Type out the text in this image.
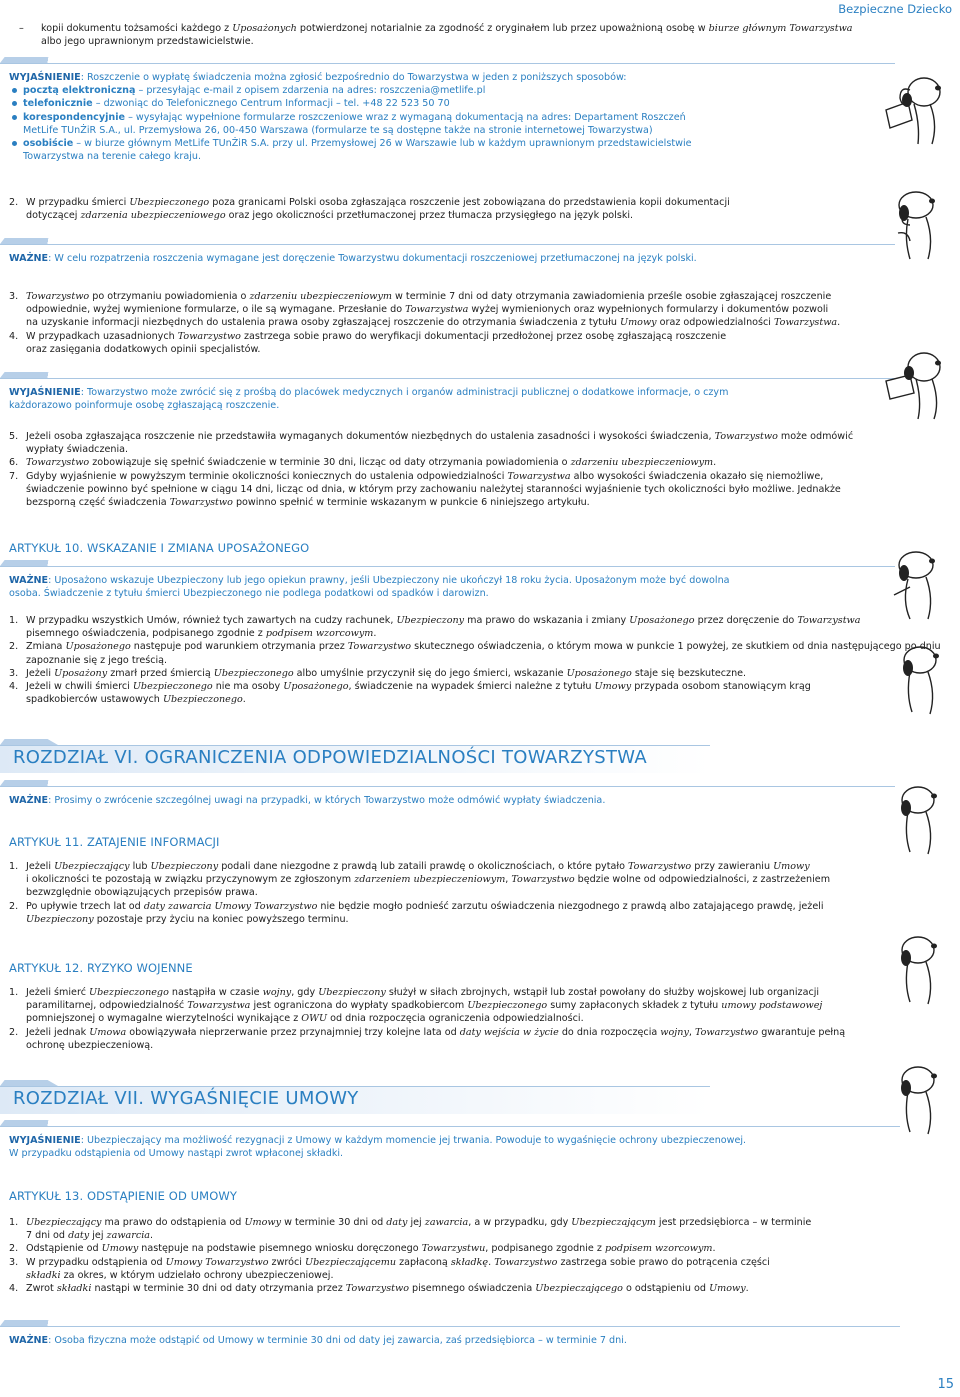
Bezpieczne Dziecko
– kopii dokumentu tożsamości każdego z Uposażonych potwierdzonej notarialnie za zgodność z oryginałem lub przez upoważnioną osobę w biurze głównym Towarzystwa
albo jego uprawnionym przedstawicielstwie.
WYJAŚNIENIE: Roszczenie o wypłatę świadczenia można zgłosić bezpośrednio do Towarzystwa w jeden z poniższych sposobów:
pocztą elektroniczną – przesyłając e-mail z opisem zdarzenia na adres: roszczenia@metlife.pl
telefonicznie – dzwoniąc do Telefonicznego Centrum Informacji – tel. +48 22 523 50 70
korespondencyjnie – wysyłając wypełnione formularze roszczeniowe wraz z wymaganą dokumentacją na adres: Departament Roszczeń
MetLife TUnŻiR S.A., ul. Przemysłowa 26, 00-450 Warszawa (formularze te są dostępne także na stronie internetowej Towarzystwa)
osobiście – w biurze głównym MetLife TUnŻiR S.A. przy ul. Przemysłowej 26 w Warszawie lub w każdym uprawnionym przedstawicielstwie
Towarzystwa na terenie całego kraju.
2. W przypadku śmierci Ubezpieczonego poza granicami Polski osoba zgłaszająca roszczenie jest zobowiązana do przedstawienia kopii dokumentacji
dotyczącej zdarzenia ubezpieczeniowego oraz jego okoliczności przetłumaczonej przez tłumacza przysięgłego na język polski.
WAŻNE: W celu rozpatrzenia roszczenia wymagane jest doręczenie Towarzystwu dokumentacji roszczeniowej przetłumaczonej na język polski.
3. Towarzystwo po otrzymaniu powiadomienia o zdarzeniu ubezpieczeniowym w terminie 7 dni od daty otrzymania zawiadomienia prześle osobie zgłaszającej roszczenie
odpowiednie, wyżej wymienione formularze, o ile są wymagane. Przesłanie do Towarzystwa wyżej wymienionych oraz wypełnionych formularzy i dokumentów pozwoli
na uzyskanie informacji niezbędnych do ustalenia prawa osoby zgłaszającej roszczenie do otrzymania świadczenia z tytułu Umowy oraz odpowiedzialności Towarzystwa.
4. W przypadkach uzasadnionych Towarzystwo zastrzega sobie prawo do weryfikacji dokumentacji przedłożonej przez osobę zgłaszającą roszczenie
oraz zasięgania dodatkowych opinii specjalistów.
WYJAŚNIENIE: Towarzystwo może zwrócić się z prośbą do placówek medycznych i organów administracji publicznej o dodatkowe informacje, o czym
każdorazowo poinformuje osobę zgłaszającą roszczenie.
5. Jeżeli osoba zgłaszająca roszczenie nie przedstawiła wymaganych dokumentów niezbędnych do ustalenia zasadności i wysokości świadczenia, Towarzystwo może odmówić
wypłaty świadczenia.
6. Towarzystwo zobowiązuje się spełnić świadczenie w terminie 30 dni, licząc od daty otrzymania powiadomienia o zdarzeniu ubezpieczeniowym.
7. Gdyby wyjaśnienie w powyższym terminie okoliczności koniecznych do ustalenia odpowiedzialności Towarzystwa albo wysokości świadczenia okazało się niemożliwe,
świadczenie powinno być spełnione w ciągu 14 dni, licząc od dnia, w którym przy zachowaniu należytej staranności wyjaśnienie tych okoliczności było możliwe. Jednakże
bezsporną część świadczenia Towarzystwo powinno spełnić w terminie wskazanym w punkcie 6 niniejszego artykułu.
ARTYKUŁ 10. WSKAZANIE I ZMIANA UPOSAŻONEGO
WAŻNE: Uposażono wskazuje Ubezpieczony lub jego opiekun prawny, jeśli Ubezpieczony nie ukończył 18 roku życia. Uposażonym może być dowolna
osoba. Świadczenie z tytułu śmierci Ubezpieczonego nie podlega podatkowi od spadków i darowizn.
1. W przypadku wszystkich Umów, również tych zawartych na cudzy rachunek, Ubezpieczony ma prawo do wskazania i zmiany Uposażonego przez doręczenie do Towarzystwa
pisemnego oświadczenia, podpisanego zgodnie z podpisem wzorcowym.
2. Zmiana Uposażonego następuje pod warunkiem otrzymania przez Towarzystwo skutecznego oświadczenia, o którym mowa w punkcie 1 powyżej, ze skutkiem od dnia następującego po dniu
zapoznanie się z jego treścią.
3. Jeżeli Uposażony zmarł przed śmiercią Ubezpieczonego albo umyślnie przyczynił się do jego śmierci, wskazanie Uposażonego staje się bezskuteczne.
4. Jeżeli w chwili śmierci Ubezpieczonego nie ma osoby Uposażonego, świadczenie na wypadek śmierci należne z tytułu Umowy przypada osobom stanowiącym krąg
spadkobierców ustawowych Ubezpieczonego.
ROZDZIAŁ VI. OGRANICZENIA ODPOWIEDZIALNOŚCI TOWARZYSTWA
WAŻNE: Prosimy o zwrócenie szczególnej uwagi na przypadki, w których Towarzystwo może odmówić wypłaty świadczenia.
ARTYKUŁ 11. ZATAJENIE INFORMACJI
1. Jeżeli Ubezpieczający lub Ubezpieczony podali dane niezgodne z prawdą lub zataili prawdę o okolicznościach, o które pytało Towarzystwo przy zawieraniu Umowy
i okoliczności te pozostają w związku przyczynowym ze zgłoszonym zdarzeniem ubezpieczeniowym, Towarzystwo będzie wolne od odpowiedzialności, z zastrzeżeniem
bezwzględnie obowiązujących przepisów prawa.
2. Po upływie trzech lat od daty zawarcia Umowy Towarzystwo nie będzie mogło podnieść zarzutu oświadczenia niezgodnego z prawdą albo zatajającego prawdę, jeżeli
Ubezpieczony pozostaje przy życiu na koniec powyższego terminu.
ARTYKUŁ 12. RYZYKO WOJENNE
1. Jeżeli śmierć Ubezpieczonego nastąpiła w czasie wojny, gdy Ubezpieczony służył w siłach zbrojnych, wstąpił lub został powołany do służby wojskowej lub organizacji
paramilitarnej, odpowiedzialność Towarzystwa jest ograniczona do wypłaty spadkobiercom Ubezpieczonego sumy zapłaconych składek z tytułu umowy podstawowej
pomniejszonej o wymagalne wierzytelności wynikające z OWU od dnia rozpoczęcia ograniczenia odpowiedzialności.
2. Jeżeli jednak Umowa obowiązywała nieprzerwanie przez przynajmniej trzy kolejne lata od daty wejścia w życie do dnia rozpoczęcia wojny, Towarzystwo gwarantuje pełną
ochronę ubezpieczeniową.
ROZDZIAŁ VII. WYGAŚNIĘCIE UMOWY
WYJAŚNIENIE: Ubezpieczający ma możliwość rezygnacji z Umowy w każdym momencie jej trwania. Powoduje to wygaśnięcie ochrony ubezpieczenowej.
W przypadku odstąpienia od Umowy nastąpi zwrot wpłaconej składki.
ARTYKUŁ 13. ODSTĄPIENIE OD UMOWY
1. Ubezpieczający ma prawo do odstąpienia od Umowy w terminie 30 dni od daty jej zawarcia, a w przypadku, gdy Ubezpieczającym jest przedsiębiorca – w terminie
7 dni od daty jej zawarcia.
2. Odstąpienie od Umowy następuje na podstawie pisemnego wniosku doręczonego Towarzystwu, podpisanego zgodnie z podpisem wzorcowym.
3. W przypadku odstąpienia od Umowy Towarzystwo zwróci Ubezpieczającemu zapłaconą składkę. Towarzystwo zastrzega sobie prawo do potrącenia części
składki za okres, w którym udzielało ochrony ubezpieczeniowej.
4. Zwrot składki nastąpi w terminie 30 dni od daty otrzymania przez Towarzystwo pisemnego oświadczenia Ubezpieczającego o odstąpieniu od Umowy.
WAŻNE: Osoba fizyczna może odstąpić od Umowy w terminie 30 dni od daty jej zawarcia, zaś przedsiębiorca – w terminie 7 dni.
15
